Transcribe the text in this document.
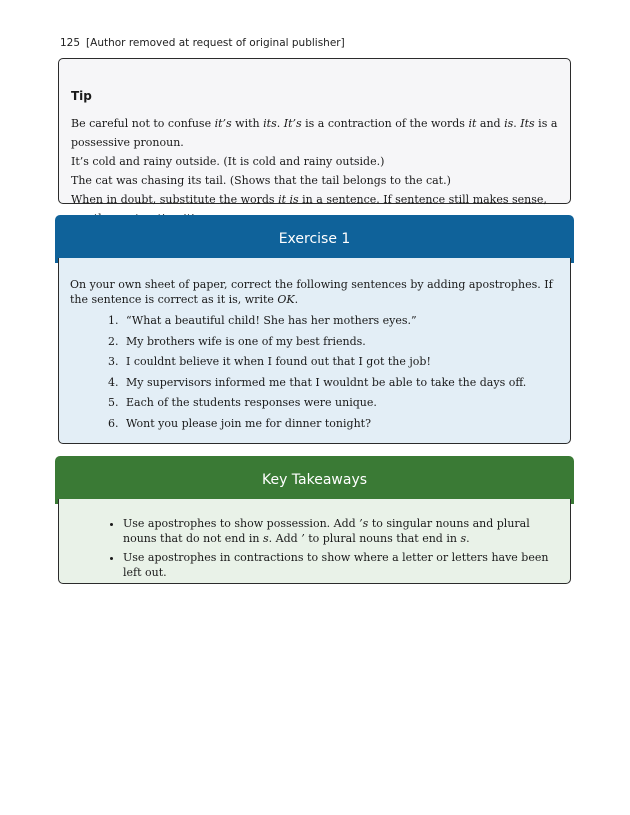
125 [Author removed at request of original publisher]
Tip

Be careful not to confuse it’s with its. It’s is a contraction of the words it and is. Its is a possessive pronoun.

It’s cold and rainy outside. (It is cold and rainy outside.)

The cat was chasing its tail. (Shows that the tail belongs to the cat.)

When in doubt, substitute the words it is in a sentence. If sentence still makes sense,

Exercise 1

On your own sheet of paper, correct the following sentences by adding apostrophes. If the sentence is correct as it is, write OK.

1. “What a beautiful child! She has her mothers eyes.”
2. My brothers wife is one of my best friends.
3. I couldnt believe it when I found out that I got the job!
4. My supervisors informed me that I wouldnt be able to take the days off.
5. Each of the students responses were unique.
6. Wont you please join me for dinner tonight?
Key Takeaways
• Use apostrophes to show possession. Add ’s to singular nouns and plural nouns that do not end in s. Add ’ to plural nouns that end in s.
• Use apostrophes in contractions to show where a letter or letters have been left out.
